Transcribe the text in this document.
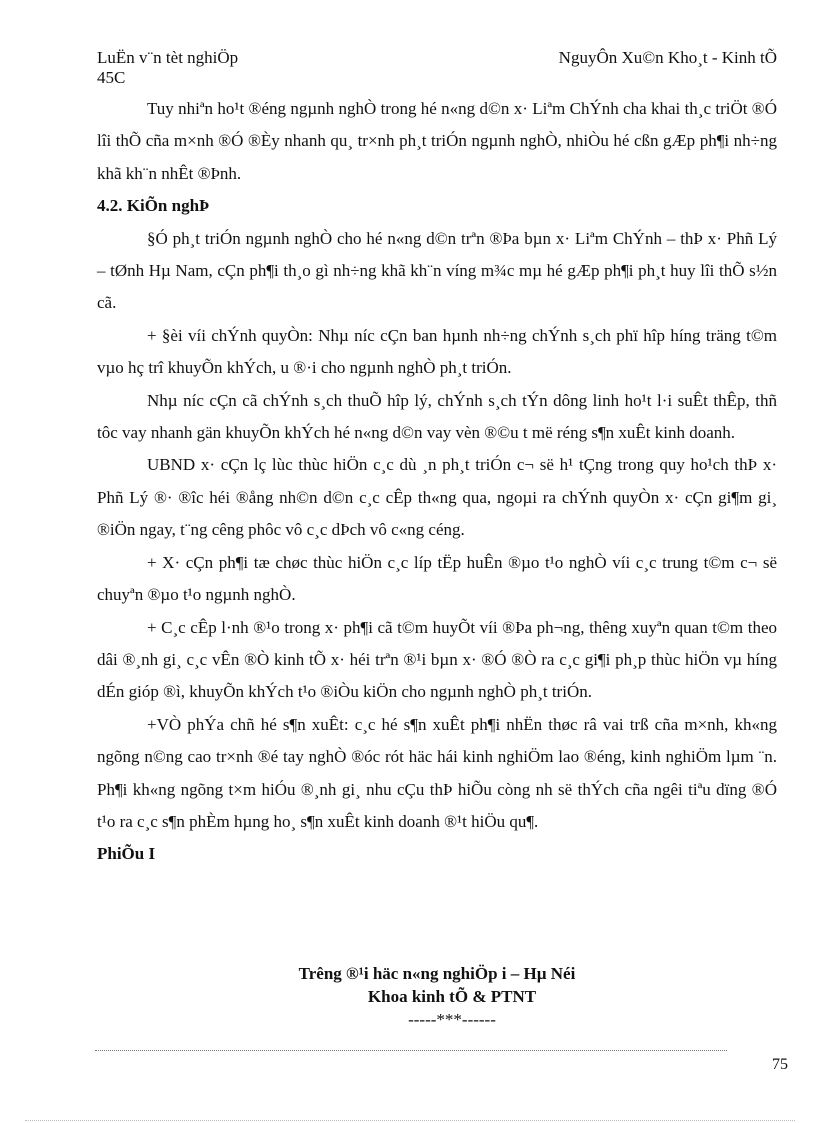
LuËn v¨n tèt nghiÖp
45C
NguyÔn Xu©n Kho¸t - Kinh tÕ

Tuy nhiªn ho¹t ®éng ngµnh nghÒ trong hé n«ng d©n x· Liªm ChÝnh cha khai th¸c triÖt ®Ó lîi thÕ cña m×nh ®Ó ®Èy nhanh qu¸ tr×nh ph¸t triÓn ngµnh nghÒ, nhiÒu hé cßn gÆp ph¶i nh÷ng khã kh¨n nhÊt ®Þnh.

4.2. KiÕn nghÞ

§Ó ph¸t triÓn ngµnh nghÒ cho hé n«ng d©n trªn ®Þa bµn x· Liªm ChÝnh – thÞ x· Phñ Lý – tØnh Hµ Nam, cÇn ph¶i th¸o gì nh÷ng khã kh¨n víng m¾c mµ hé gÆp ph¶i ph¸t huy lîi thÕ s½n cã.

+ §èi víi chÝnh quyÒn: Nhµ níc cÇn ban hµnh nh÷ng chÝnh s¸ch phï hîp híng träng t©m vµo hç trî khuyÕn khÝch, u ®·i cho ngµnh nghÒ ph¸t triÓn.

Nhµ níc cÇn cã chÝnh s¸ch thuÕ hîp lý, chÝnh s¸ch tÝn dông linh ho¹t l·i suÊt thÊp, thñ tôc vay nhanh gän khuyÕn khÝch hé n«ng d©n vay vèn ®©u t më réng s¶n xuÊt kinh doanh.

UBND x· cÇn lç lùc thùc hiÖn c¸c dù ¸n ph¸t triÓn c¬ së h¹ tÇng trong quy ho¹ch thÞ x· Phñ Lý ®· ®îc héi ®ång nh©n d©n c¸c cÊp th«ng qua, ngoµi ra chÝnh quyÒn x· cÇn gi¶m gi¸ ®iÖn ngay, t¨ng cêng phôc vô c¸c dÞch vô c«ng céng.

+ X· cÇn ph¶i tæ chøc thùc hiÖn c¸c líp tËp huÊn ®µo t¹o nghÒ víi c¸c trung t©m c¬ së chuyªn ®µo t¹o ngµnh nghÒ.

+ C¸c cÊp l·nh ®¹o trong x· ph¶i cã t©m huyÕt víi ®Þa ph¬ng, thêng xuyªn quan t©m theo dâi ®¸nh gi¸ c¸c vÊn ®Ò kinh tÕ x· héi trªn ®¹i bµn x· ®Ó ®Ò ra c¸c gi¶i ph¸p thùc hiÖn vµ híng dÉn gióp ®ì, khuyÕn khÝch t¹o ®iÒu kiÖn cho ngµnh nghÒ ph¸t triÓn.

+VÒ phÝa chñ hé s¶n xuÊt: c¸c hé s¶n xuÊt ph¶i nhËn thøc râ vai trß cña m×nh, kh«ng ngõng n©ng cao tr×nh ®é tay nghÒ ®óc rót häc hái kinh nghiÖm lao ®éng, kinh nghiÖm lµm ¨n. Ph¶i kh«ng ngõng t×m hiÓu ®¸nh gi¸ nhu cÇu thÞ hiÕu còng nh së thÝch cña ngêi tiªu dïng ®Ó t¹o ra c¸c s¶n phÈm hµng ho¸ s¶n xuÊt kinh doanh ®¹t hiÖu qu¶.

PhiÕu I

Trêng ®¹i häc n«ng nghiÖp i – Hµ Néi
Khoa kinh tÕ & PTNT
-----***------
75
